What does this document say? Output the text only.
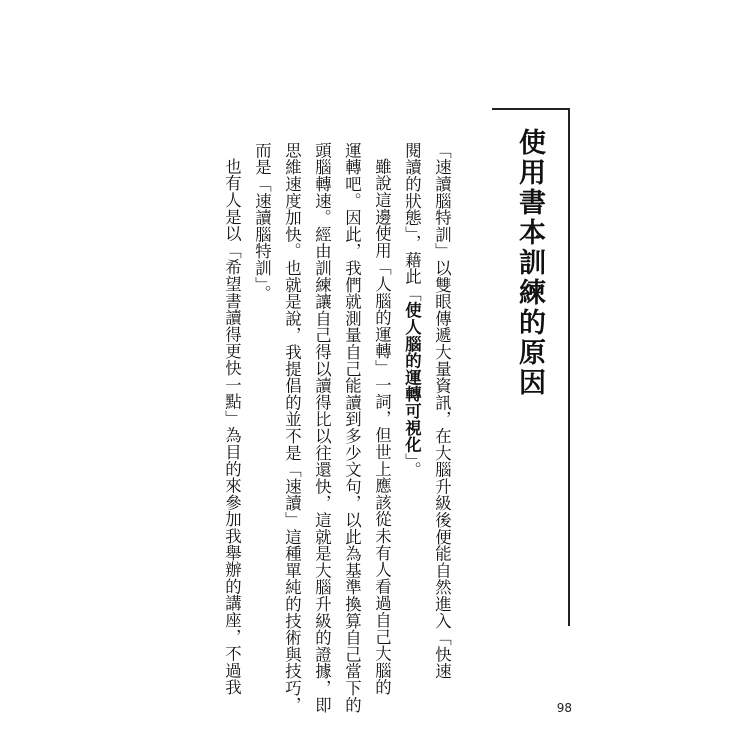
使用書本訓練的原因
「速讀腦特訓」以雙眼傳遞大量資訊，在大腦升級後便能自然進入「快速
閱讀的狀態」，藉此「使人腦的運轉可視化」。
雖說這邊使用「人腦的運轉」一詞，但世上應該從未有人看過自己大腦的
運轉吧。因此，我們就測量自己能讀到多少文句，以此為基準換算自己當下的
頭腦轉速。經由訓練讓自己得以讀得比以往還快，這就是大腦升級的證據，即
思維速度加快。也就是說，我提倡的並不是「速讀」這種單純的技術與技巧，
而是「速讀腦特訓」。
也有人是以「希望書讀得更快一點」為目的來參加我舉辦的講座，不過我
98
